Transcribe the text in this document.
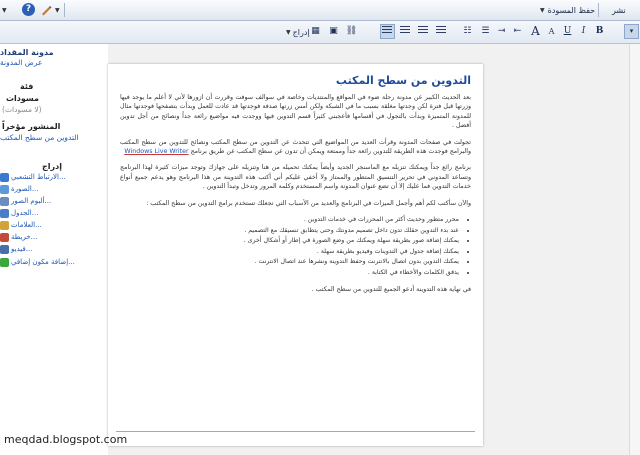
▼	?	▼	▼ حفظ المسودة نشر
▼ إدراج ▦	▣ ⛓	☷	☰ ⇥ ⇤ A	A	U	I	B	▾
مدونة المقداد
عرض المدونة
فئة
مسودات
(لا مسودات)
المنشور مؤخراً
التدوين من سطح المكتب
إدراج
الارتباط التشعبي...
الصورة...
ألبوم الصور...
الجدول...
العلامات...
خريطة...
فيديو...
إضافة مكون إضافي...
التدوين من سطح المكتب

بعد الحديث الكبير عن مدونة رحلة ضوء في المواقع والمنتديات وخاصة في سوالف سوفت وقررت أن ازورها لأني لا أعلم ما يوجد فيها وزرتها قبل فترة لكن وجدتها مغلقة بسبب ما في الشبكة ولكن أمس زرتها صدفة فوجدتها قد عادت للعمل وبدأت بتصفحها فوجدتها مثال للمدونة المتميزة وبدأت بالتجول في أقسامها فأعجبني كثيراً قسم التدوين فيها ووجدت فيه مواضيع رائعة جداً ونصائح من أجل تدوين أفضل .

تجولت في صفحات المدونة وقرأت العديد من المواضيع التي تتحدث عن التدوين من سطح المكتب ونصائح للتدوين من سطح المكتب والبرامج فوجدت هذه الطريقة للتدوين رائعة جداً وممتعة ويمكن أن تدون عن سطح المكتب عن طريق برنامج Windows Live Writer

برنامج رائع جداً ويمكنك تنزيله مع الماسنجر الجديد وأيضاً يمكنك تحميله من هنا وتنزيله على جهازك وتوجد ميزات كثيرة لهذا البرنامج وتساعد المدوني في تحرير التنسيق المتطور والممتاز ولا أخفي عليكم أني أكتب هذه التدوينة من هذا البرنامج وهو يدعم جميع أنواع خدمات التدوين فما عليك إلا أن تضع عنوان المدونة واسم المستخدم وكلمة المرور وتدخل وتبدأ التدوين .

والآن سأكتب لكم أهم وأجمل الميزات في البرنامج والعديد من الأسباب التي تجعلك تستخدم برامج التدوين من سطح المكتب :

• محرر متطور وحديث أكثر من المحررات في خدمات التدوين .
• عند بدء التدوين حقلك تدون داخل تصميم مدونتك وحتى يتطابق تنسيقك مع التصميم .
• يمكنك إضافة صور بطريقة سهلة ويمكنك من وضع الصورة في إطار أو أشكال أخرى .
• يمكنك إضافة جدول في التدوينات وفيديو بطريقة سهلة .
• يمكنك التدوين بدون اتصال بالانترنت وحفظ التدوينة ونشرها عند اتصال الانترنت .
• يدقق الكلمات والأخطاء في الكتابة .

في نهاية هذه التدوينة أدعو الجميع للتدوين من سطح المكتب .

meqdad.blogspot.com
